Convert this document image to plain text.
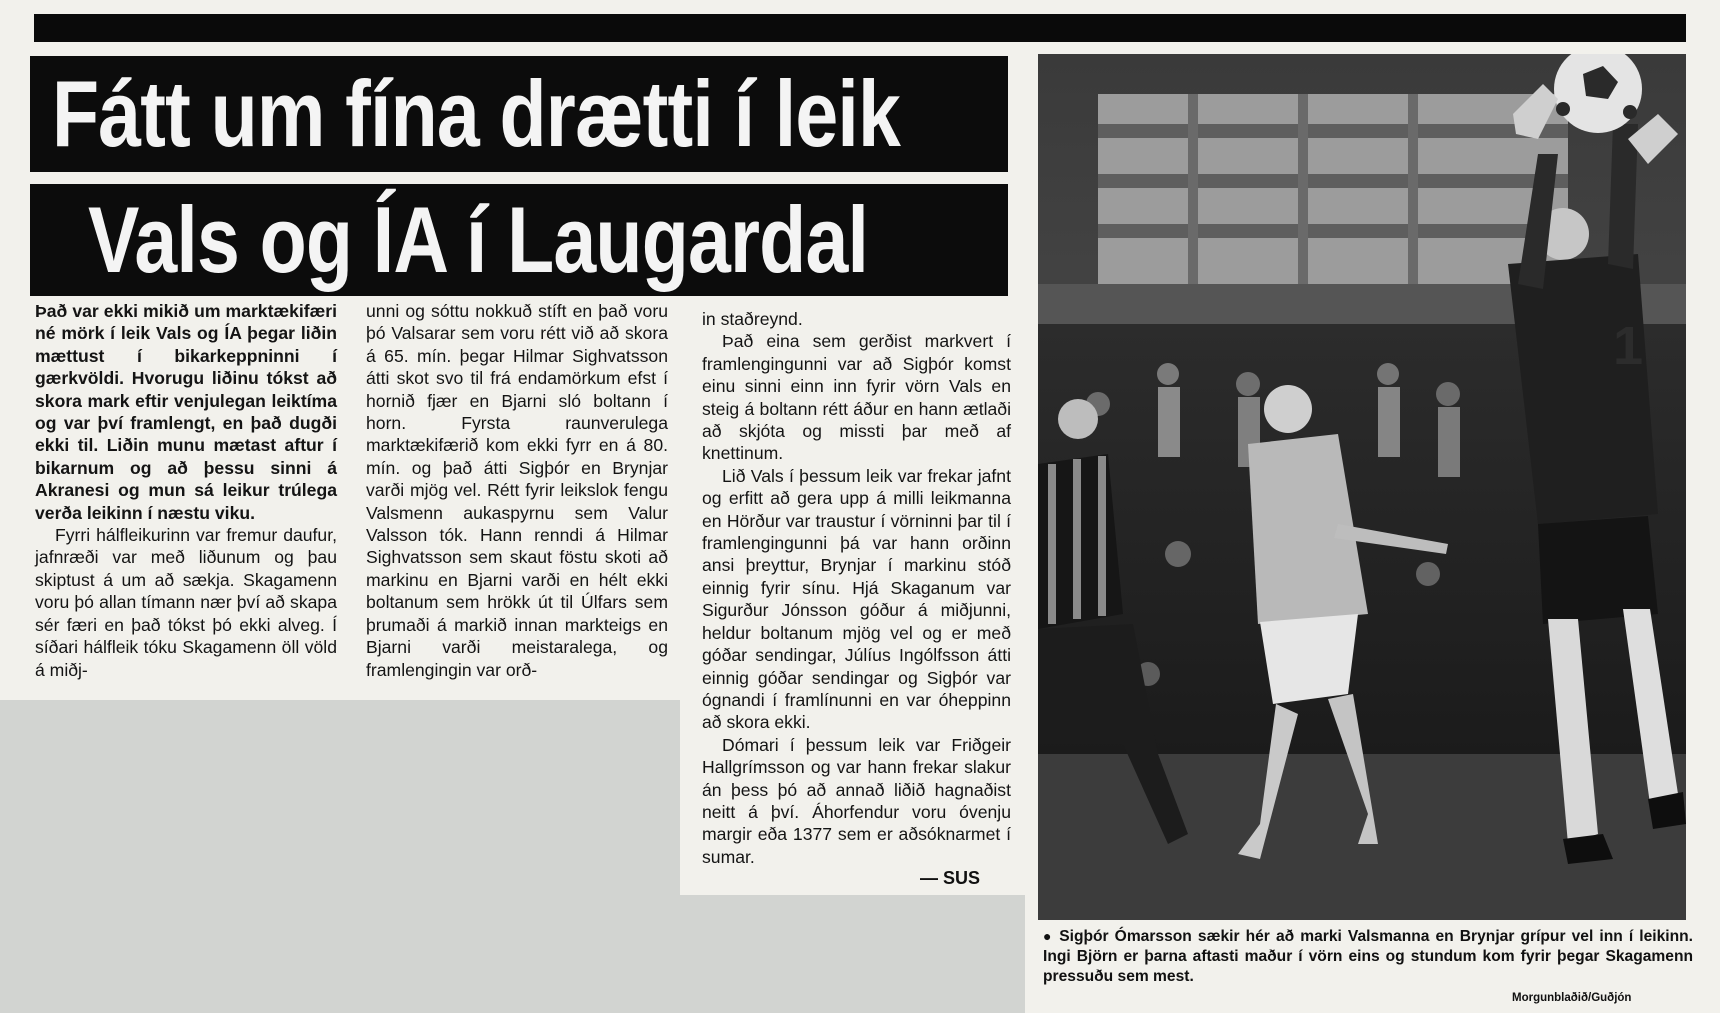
Fátt um fína drætti í leik
Vals og ÍA í Laugardal

Það var ekki mikið um marktækifæri né mörk í leik Vals og ÍA þegar liðin mættust í bikarkeppninni í gærkvöldi. Hvorugu liðinu tókst að skora mark eftir venjulegan leiktíma og var því framlengt, en það dugði ekki til. Liðin munu mætast aftur í bikarnum og að þessu sinni á Akranesi og mun sá leikur trúlega verða leikinn í næstu viku.

Fyrri hálfleikurinn var fremur daufur, jafnræði var með liðunum og þau skiptust á um að sækja. Skagamenn voru þó allan tímann nær því að skapa sér færi en það tókst þó ekki alveg. Í síðari hálfleik tóku Skagamenn öll völd á miðj-

unni og sóttu nokkuð stíft en það voru þó Valsarar sem voru rétt við að skora á 65. mín. þegar Hilmar Sighvatsson átti skot svo til frá endamörkum efst í hornið fjær en Bjarni sló boltann í horn. Fyrsta raunverulega marktækifærið kom ekki fyrr en á 80. mín. og það átti Sigþór en Brynjar varði mjög vel. Rétt fyrir leikslok fengu Valsmenn aukaspyrnu sem Valur Valsson tók. Hann renndi á Hilmar Sighvatsson sem skaut föstu skoti að markinu en Bjarni varði en hélt ekki boltanum sem hrökk út til Úlfars sem þrumaði á markið innan markteigs en Bjarni varði meistaralega, og framlengingin var orð-

in staðreynd.

Það eina sem gerðist markvert í framlengingunni var að Sigþór komst einu sinni einn inn fyrir vörn Vals en steig á boltann rétt áður en hann ætlaði að skjóta og missti þar með af knettinum.

Lið Vals í þessum leik var frekar jafnt og erfitt að gera upp á milli leikmanna en Hörður var traustur í vörninni þar til í framlengingunni þá var hann orðinn ansi þreyttur, Brynjar í markinu stóð einnig fyrir sínu. Hjá Skaganum var Sigurður Jónsson góður á miðjunni, heldur boltanum mjög vel og er með góðar sendingar, Júlíus Ingólfsson átti einnig góðar sendingar og Sigþór var ógnandi í framlínunni en var óheppinn að skora ekki.

Dómari í þessum leik var Friðgeir Hallgrímsson og var hann frekar slakur án þess þó að annað liðið hagnaðist neitt á því. Áhorfendur voru óvenju margir eða 1377 sem er aðsóknarmet í sumar.

— SUS
1
● Sigþór Ómarsson sækir hér að marki Valsmanna en Brynjar grípur vel inn í leikinn. Ingi Björn er þarna aftasti maður í vörn eins og stundum kom fyrir þegar Skagamenn pressuðu sem mest.
Morgunblaðið/Guðjón
